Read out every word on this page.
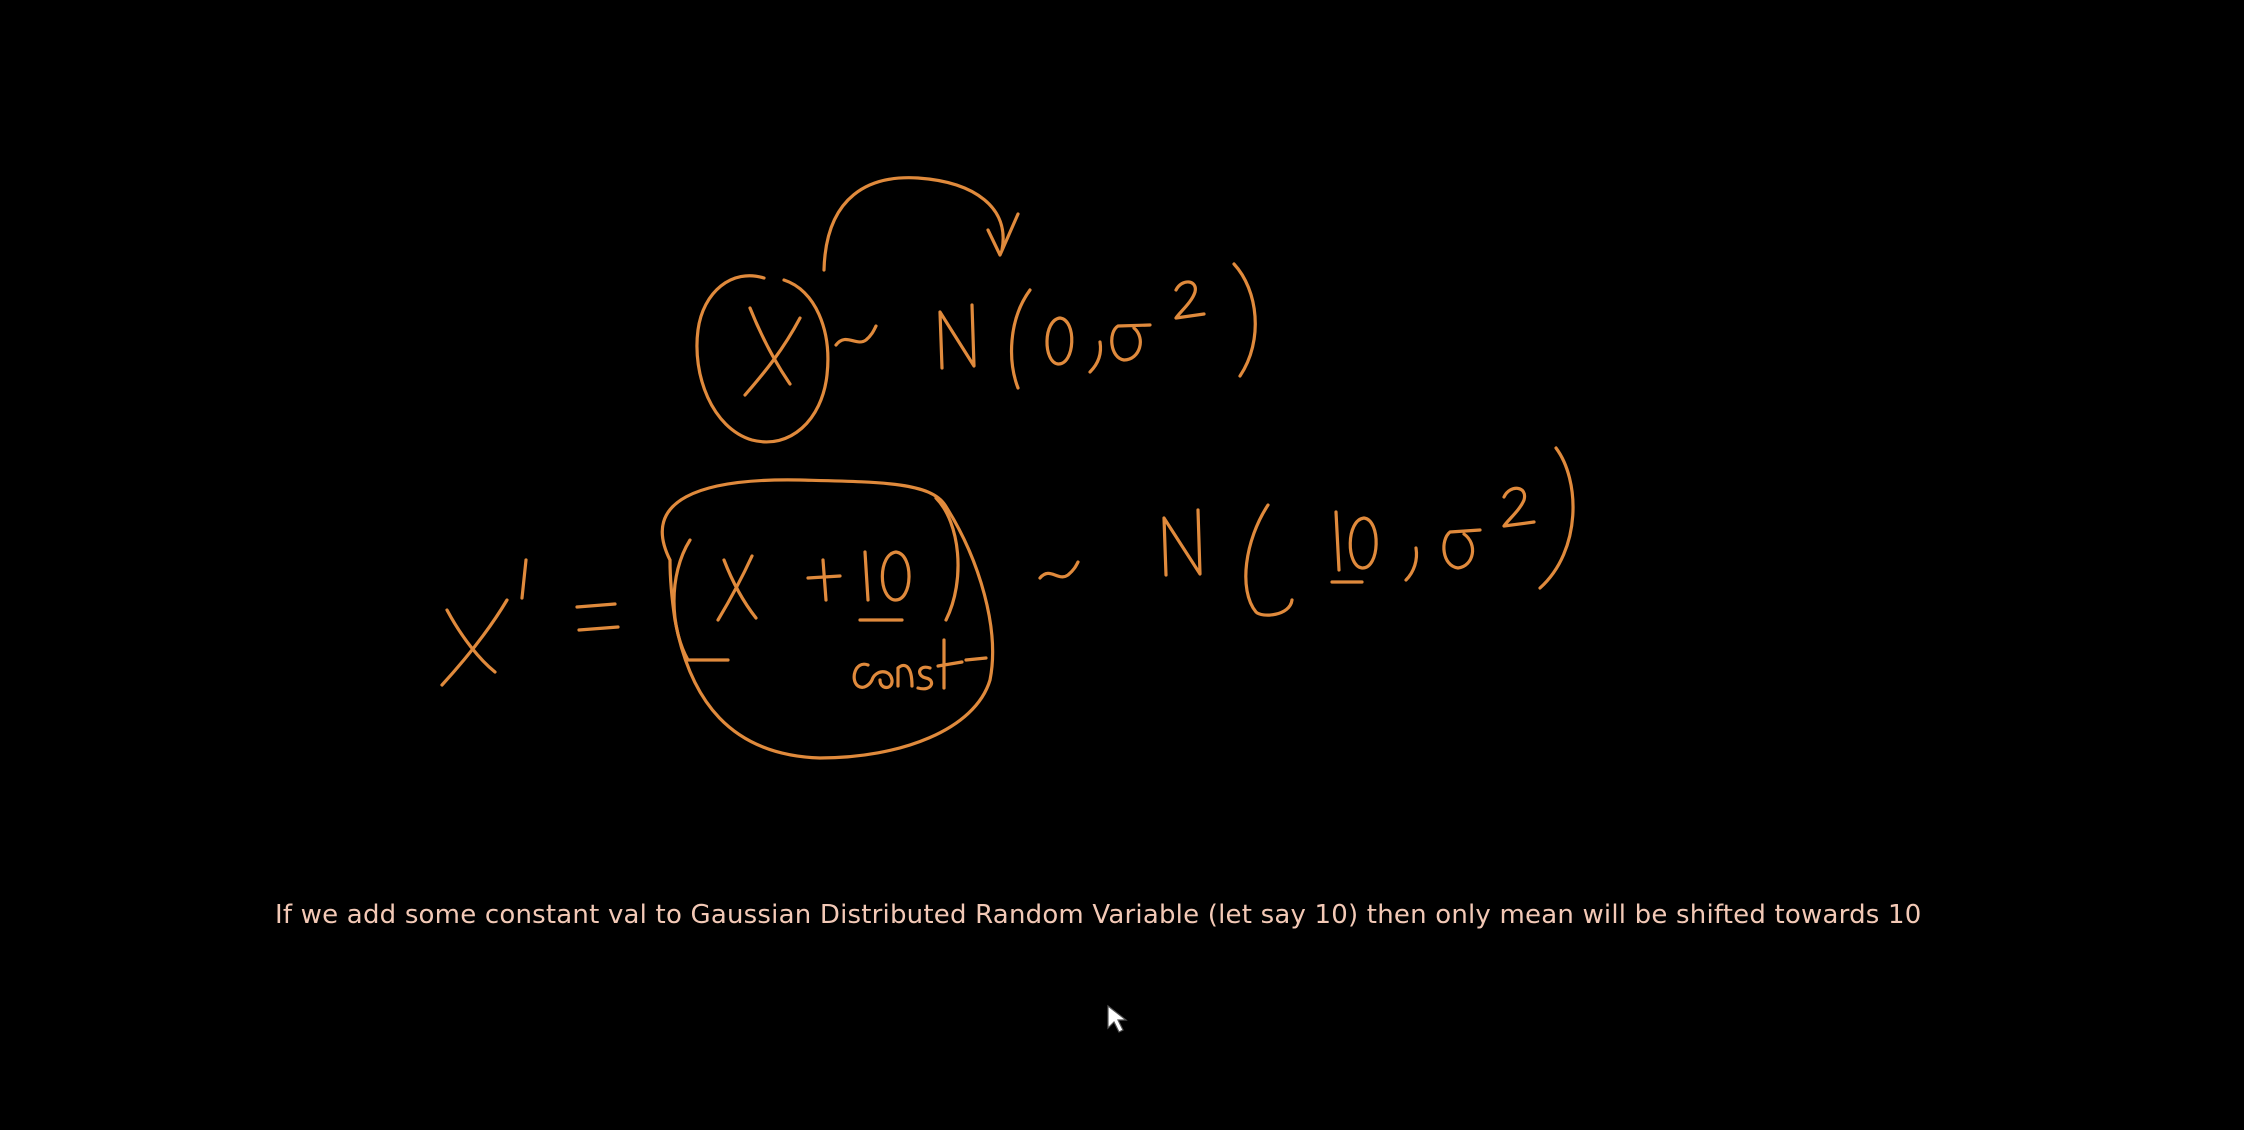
If we add some constant val to Gaussian Distributed Random Variable (let say 10) then only mean will be shifted towards 10
